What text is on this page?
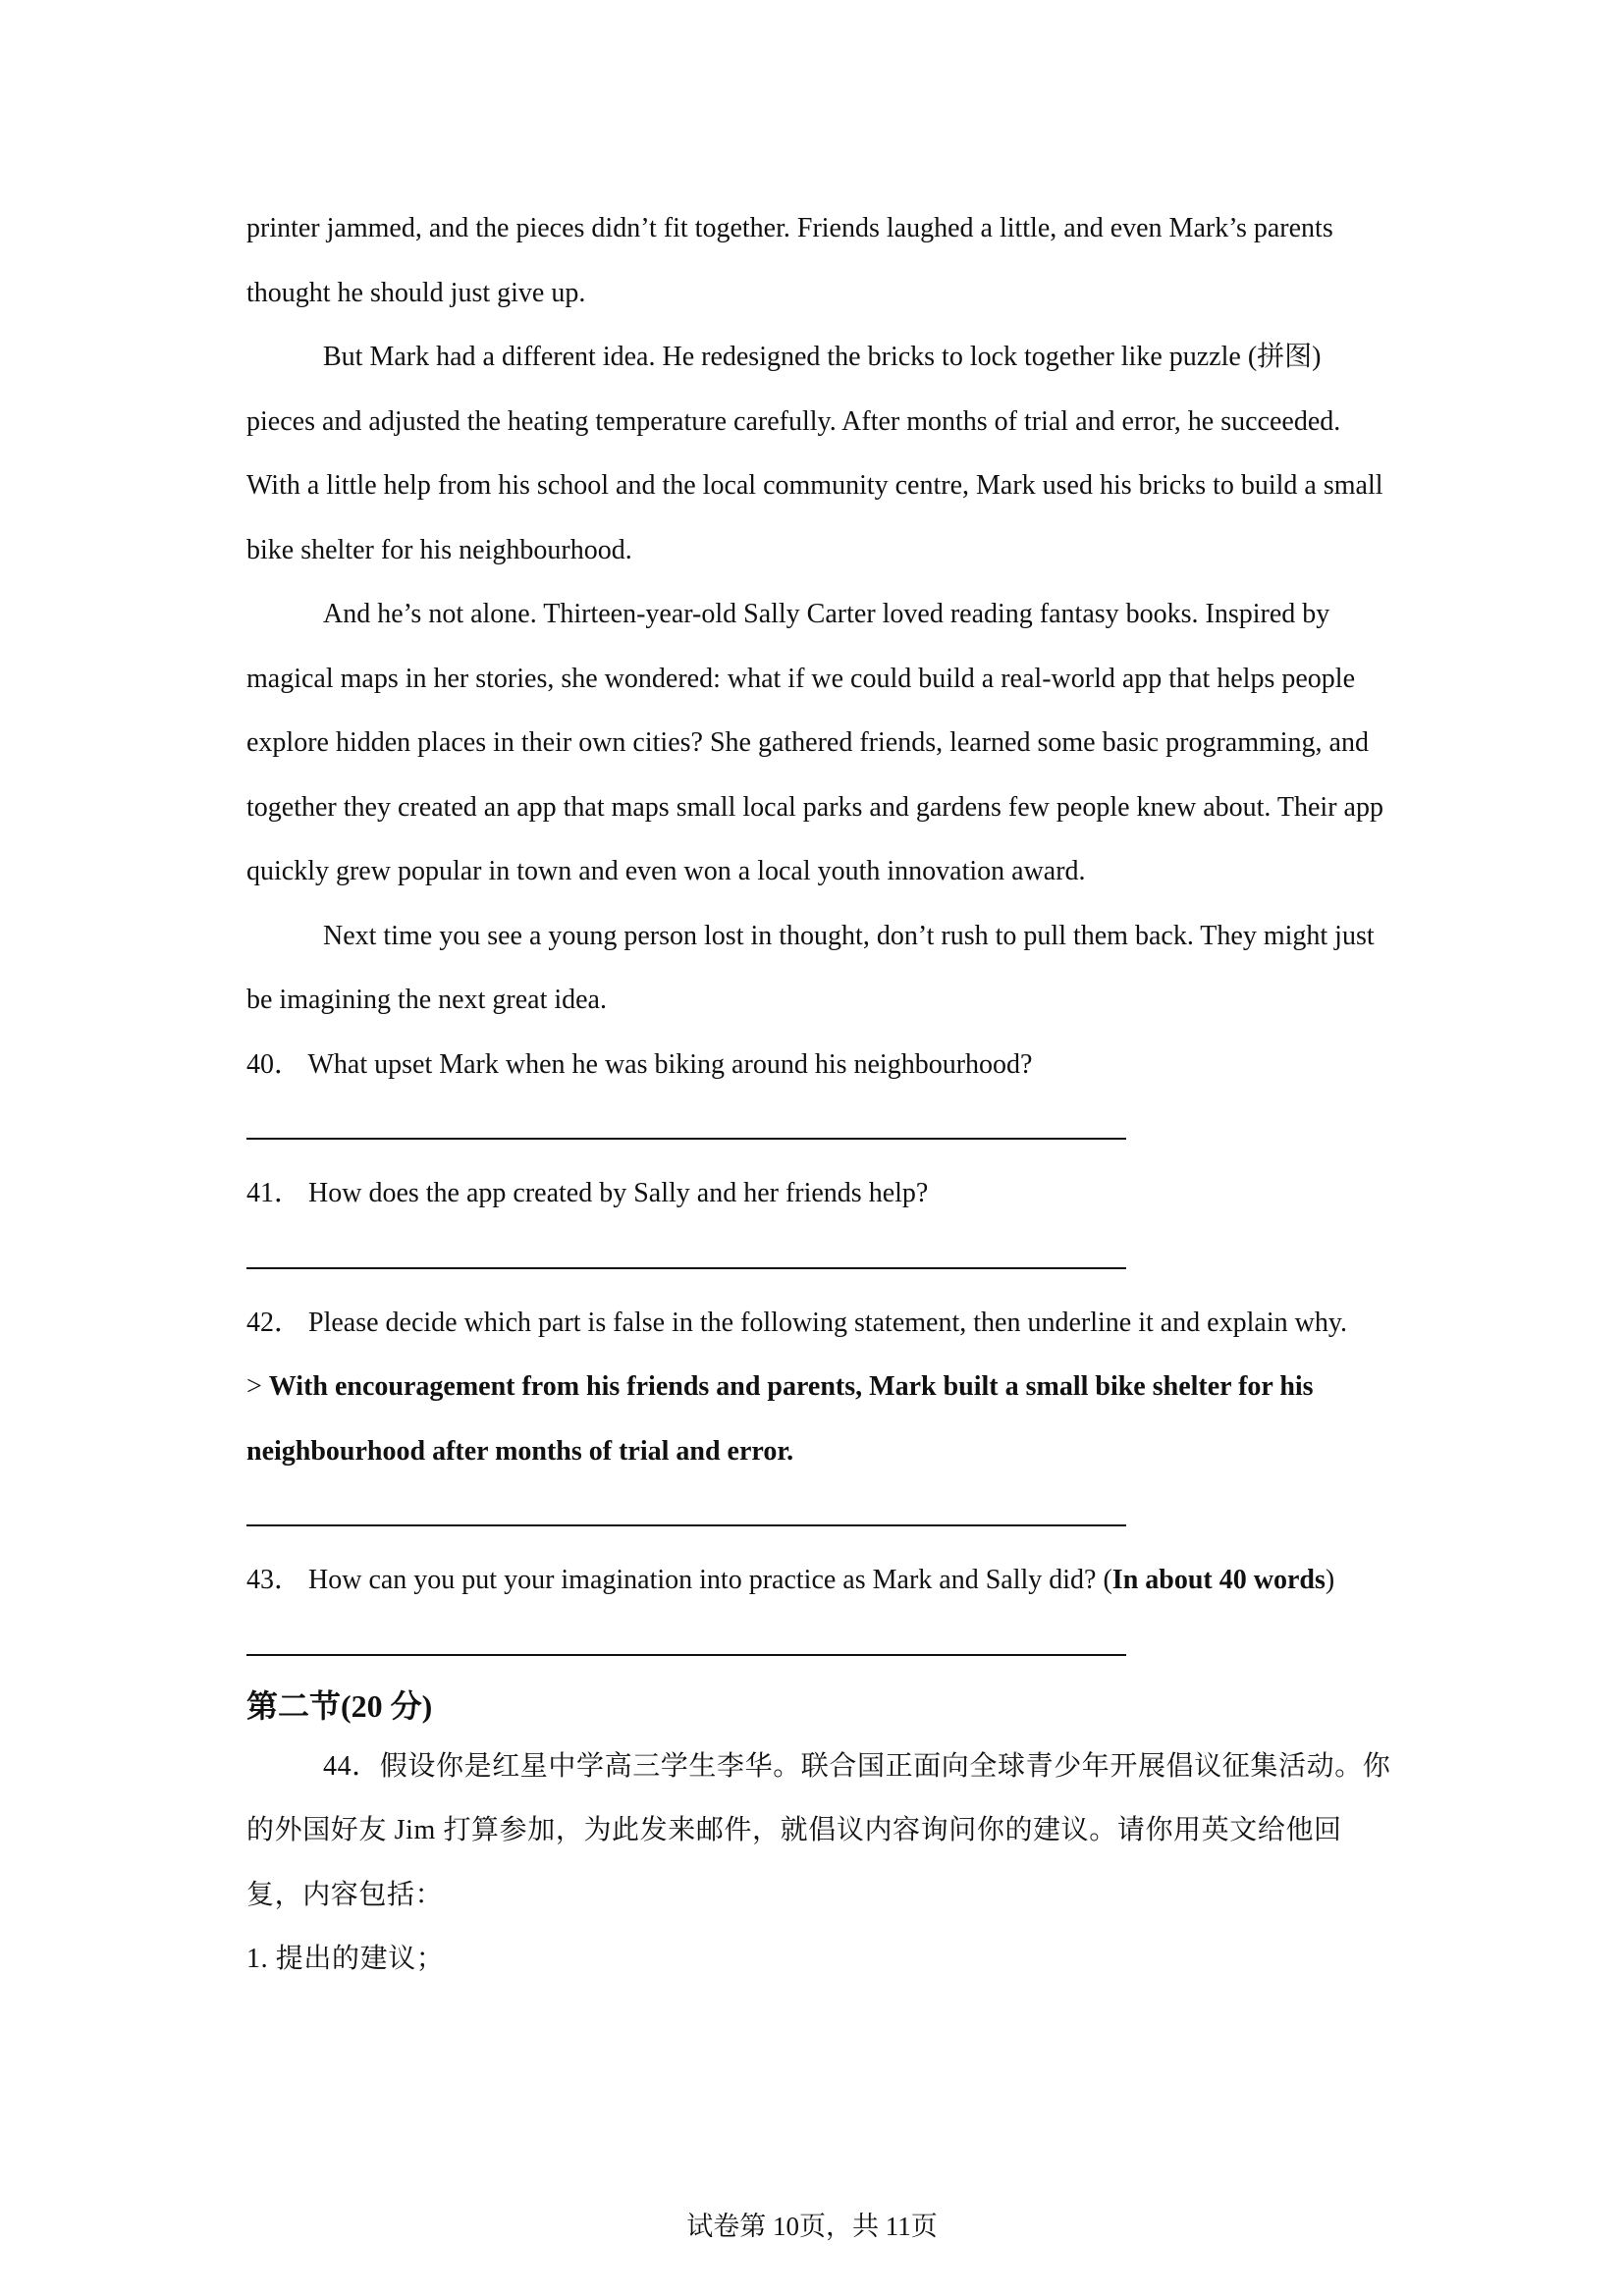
printer jammed, and the pieces didn’t fit together. Friends laughed a little, and even Mark’s parents thought he should just give up.

But Mark had a different idea. He redesigned the bricks to lock together like puzzle (拼图) pieces and adjusted the heating temperature carefully. After months of trial and error, he succeeded. With a little help from his school and the local community centre, Mark used his bricks to build a small bike shelter for his neighbourhood.

And he’s not alone. Thirteen-year-old Sally Carter loved reading fantasy books. Inspired by magical maps in her stories, she wondered: what if we could build a real-world app that helps people explore hidden places in their own cities? She gathered friends, learned some basic programming, and together they created an app that maps small local parks and gardens few people knew about. Their app quickly grew popular in town and even won a local youth innovation award.

Next time you see a young person lost in thought, don’t rush to pull them back. They might just be imagining the next great idea.

40． What upset Mark when he was biking around his neighbourhood?

41． How does the app created by Sally and her friends help?

42． Please decide which part is false in the following statement, then underline it and explain why.

> With encouragement from his friends and parents, Mark built a small bike shelter for his neighbourhood after months of trial and error.

43． How can you put your imagination into practice as Mark and Sally did? (In about 40 words)

第二节(20 分)

44．假设你是红星中学高三学生李华。联合国正面向全球青少年开展倡议征集活动。你的外国好友 Jim 打算参加，为此发来邮件，就倡议内容询问你的建议。请你用英文给他回复，内容包括：

1. 提出的建议；

试卷第 10页，共 11页
